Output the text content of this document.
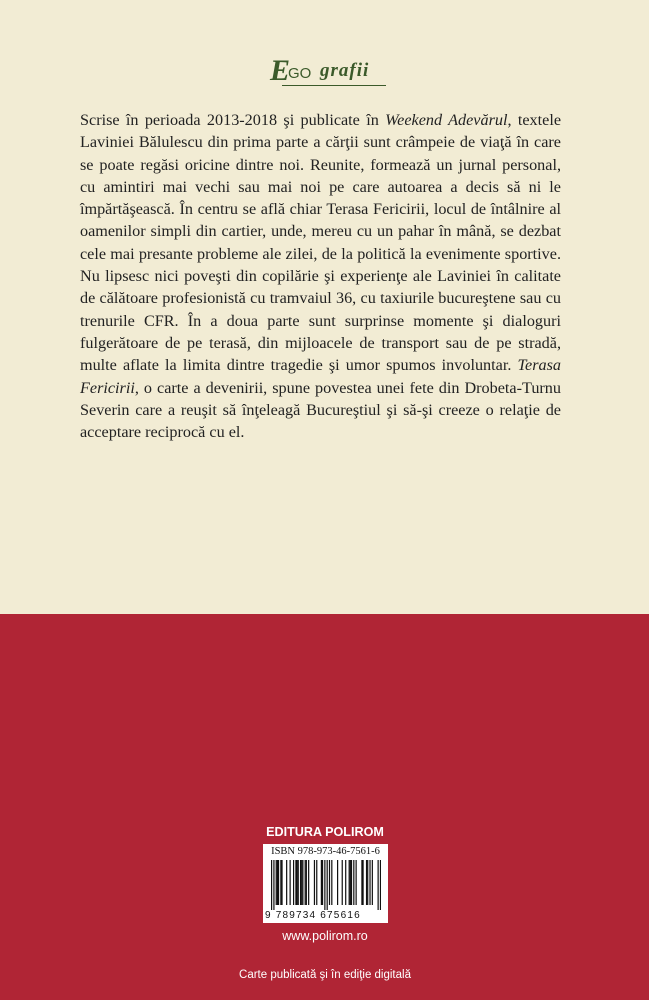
E
GO grafii

Scrise în perioada 2013-2018 şi publicate în Weekend Adevărul, textele Laviniei Bălulescu din prima parte a cărţii sunt crâmpeie de viaţă în care se poate regăsi oricine dintre noi. Reunite, formează un jurnal personal, cu amintiri mai vechi sau mai noi pe care autoarea a decis să ni le împărtăşească. În centru se află chiar Terasa Fericirii, locul de întâlnire al oamenilor simpli din cartier, unde, mereu cu un pahar în mână, se dezbat cele mai presante probleme ale zilei, de la politică la evenimente sportive. Nu lipsesc nici poveşti din copilărie şi experienţe ale Laviniei în calitate de călătoare profesionistă cu tramvaiul 36, cu taxiurile bucureştene sau cu trenurile CFR. În a doua parte sunt surprinse momente şi dialoguri fulgerătoare de pe terasă, din mijloacele de transport sau de pe stradă, multe aflate la limita dintre tragedie şi umor spumos involuntar. Terasa Fericirii, o carte a devenirii, spune povestea unei fete din Drobeta-Turnu Severin care a reuşit să înţeleagă Bucureştiul şi să-şi creeze o relaţie de acceptare reciprocă cu el.

EDITURA POLIROM
ISBN 978-973-46-7561-6
9 789734 675616
www.polirom.ro
Carte publicată şi în ediţie digitală
